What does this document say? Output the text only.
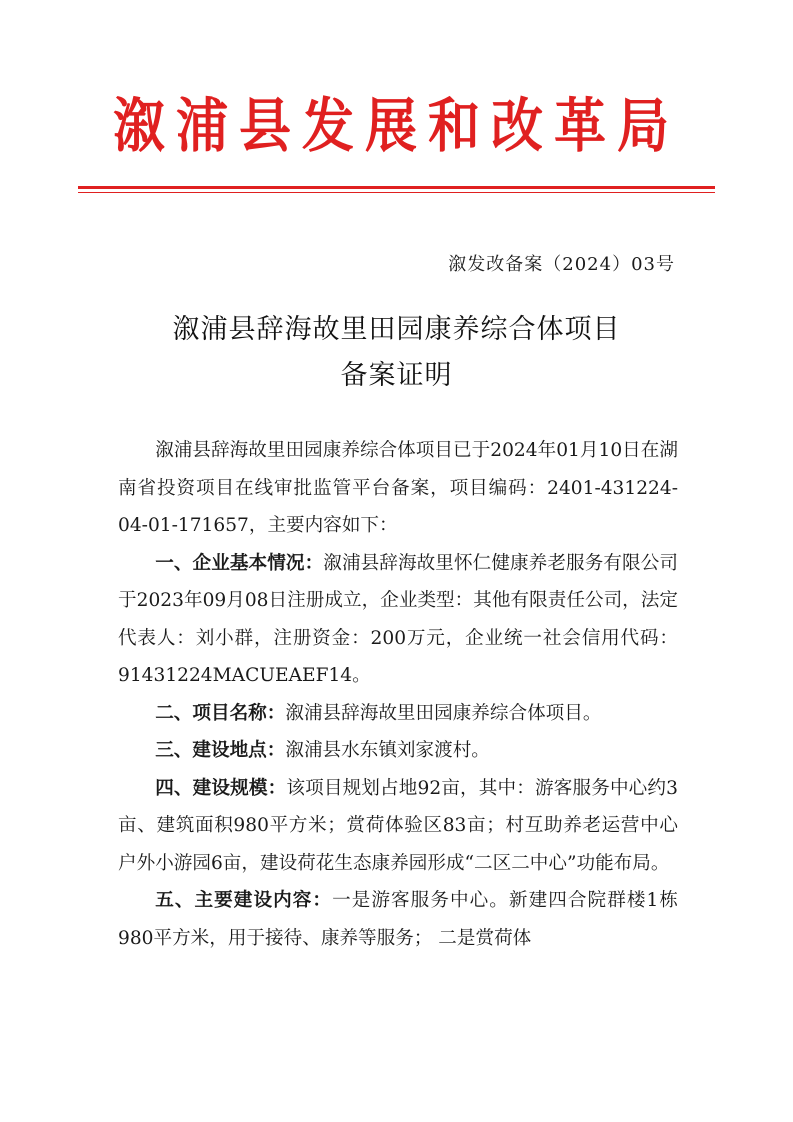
溆浦县发展和改革局
溆发改备案（2024）03号
溆浦县辞海故里田园康养综合体项目
备案证明

溆浦县辞海故里田园康养综合体项目已于2024年01月10日在湖南省投资项目在线审批监管平台备案，项目编码：2401-431224-04-01-171657，主要内容如下：

一、企业基本情况：溆浦县辞海故里怀仁健康养老服务有限公司于2023年09月08日注册成立，企业类型：其他有限责任公司，法定代表人：刘小群，注册资金：200万元，企业统一社会信用代码：91431224MACUEAEF14。

二、项目名称：溆浦县辞海故里田园康养综合体项目。

三、建设地点：溆浦县水东镇刘家渡村。

四、建设规模：该项目规划占地92亩，其中：游客服务中心约3亩、建筑面积980平方米；赏荷体验区83亩；村互助养老运营中心户外小游园6亩，建设荷花生态康养园形成“二区二中心”功能布局。

五、主要建设内容：一是游客服务中心。新建四合院群楼1栋980平方米，用于接待、康养等服务； 二是赏荷体
